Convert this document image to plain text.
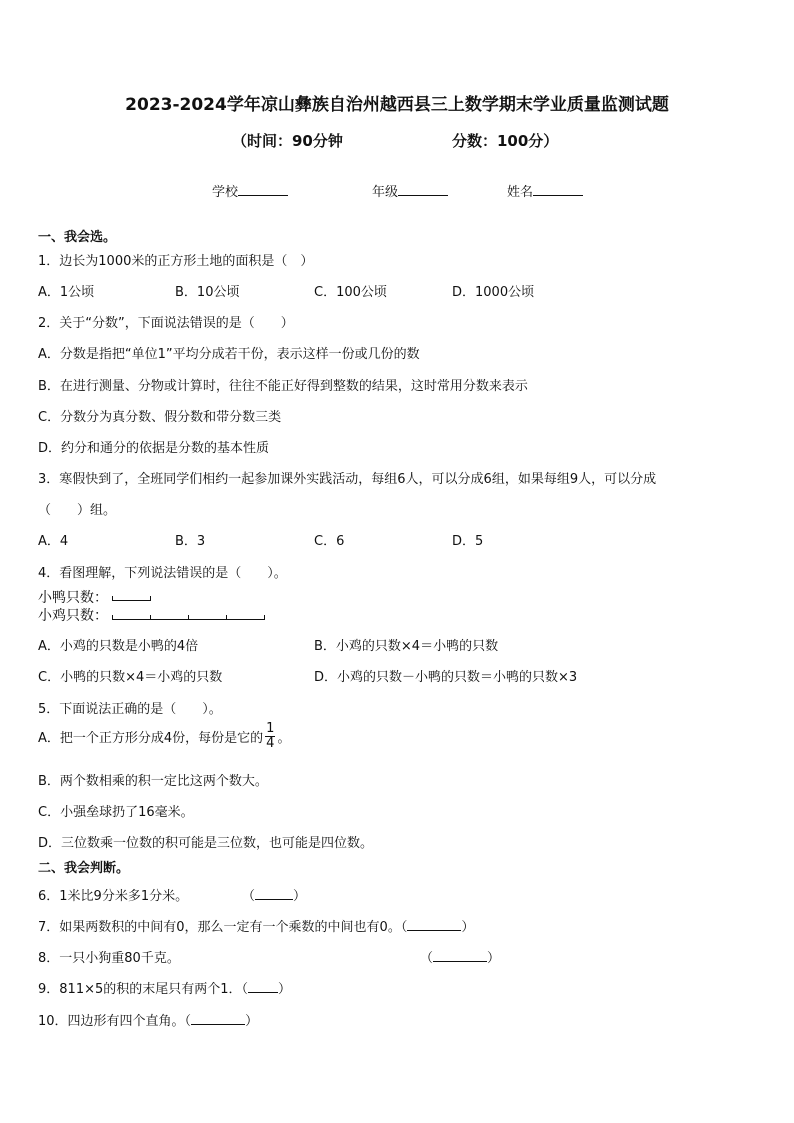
2023-2024学年凉山彝族自治州越西县三上数学期末学业质量监测试题
（时间：90分钟	分数：100分）
学校	年级	姓名
一、我会选。
1．边长为1000米的正方形土地的面积是（　）
A．1公顷	B．10公顷	C．100公顷	D．1000公顷
2．关于“分数”，下面说法错误的是（　　）
A．分数是指把“单位1”平均分成若干份，表示这样一份或几份的数
B．在进行测量、分物或计算时，往往不能正好得到整数的结果，这时常用分数来表示
C．分数分为真分数、假分数和带分数三类
D．约分和通分的依据是分数的基本性质
3．寒假快到了，全班同学们相约一起参加课外实践活动，每组6人，可以分成6组，如果每组9人，可以分成
（　　）组。
A．4	B．3	C．6	D．5
4．看图理解，下列说法错误的是（　　）。
小鸭只数：
小鸡只数：
A．小鸡的只数是小鸭的4倍	B．小鸡的只数×4＝小鸭的只数
C．小鸭的只数×4＝小鸡的只数	D．小鸡的只数－小鸭的只数＝小鸭的只数×3
5．下面说法正确的是（　　）。
A．把一个正方形分成4份，每份是它的 $\frac{1}{4}$ 。
B．两个数相乘的积一定比这两个数大。
C．小强垒球扔了16毫米。
D．三位数乘一位数的积可能是三位数，也可能是四位数。
二、我会判断。
6．1米比9分米多1分米。	（	）
7．如果两数积的中间有0，那么一定有一个乘数的中间也有0。（	）
8．一只小狗重80千克。	（	）
9．811×5的积的末尾只有两个1．（ ）
10．四边形有四个直角。（	）
